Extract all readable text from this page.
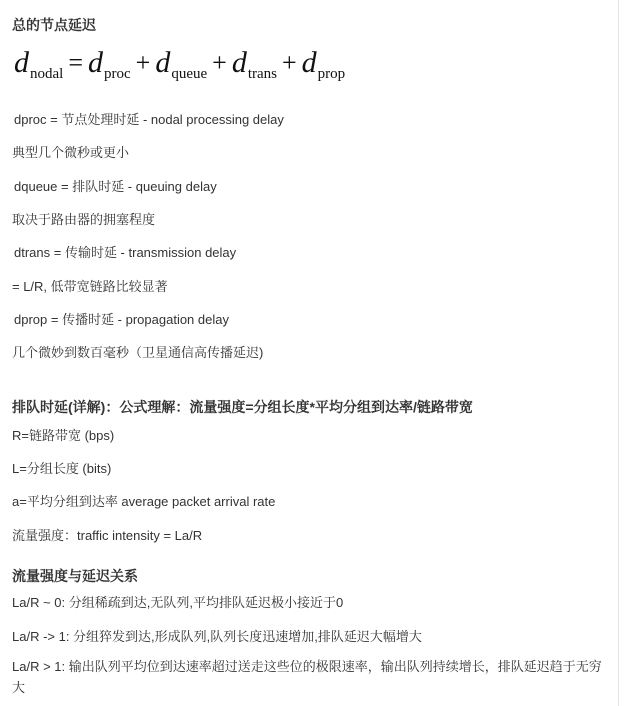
总的节点延迟
dnodal = dproc + dqueue + dtrans + dprop
dproc = 节点处理时延 - nodal processing delay
典型几个微秒或更小
dqueue = 排队时延 - queuing delay
取决于路由器的拥塞程度
dtrans = 传输时延 - transmission delay
= L/R, 低带宽链路比较显著
dprop = 传播时延 - propagation delay
几个微妙到数百毫秒（卫星通信高传播延迟)
排队时延(详解)：公式理解：流量强度=分组长度*平均分组到达率/链路带宽
R=链路带宽 (bps)
L=分组长度 (bits)
a=平均分组到达率 average packet arrival rate
流量强度：traffic intensity = La/R
流量强度与延迟关系
La/R ~ 0: 分组稀疏到达,无队列,平均排队延迟极小接近于0
La/R -> 1: 分组猝发到达,形成队列,队列长度迅速增加,排队延迟大幅增大
La/R > 1: 输出队列平均位到达速率超过送走这些位的极限速率，输出队列持续增长，排队延迟趋于无穷大
